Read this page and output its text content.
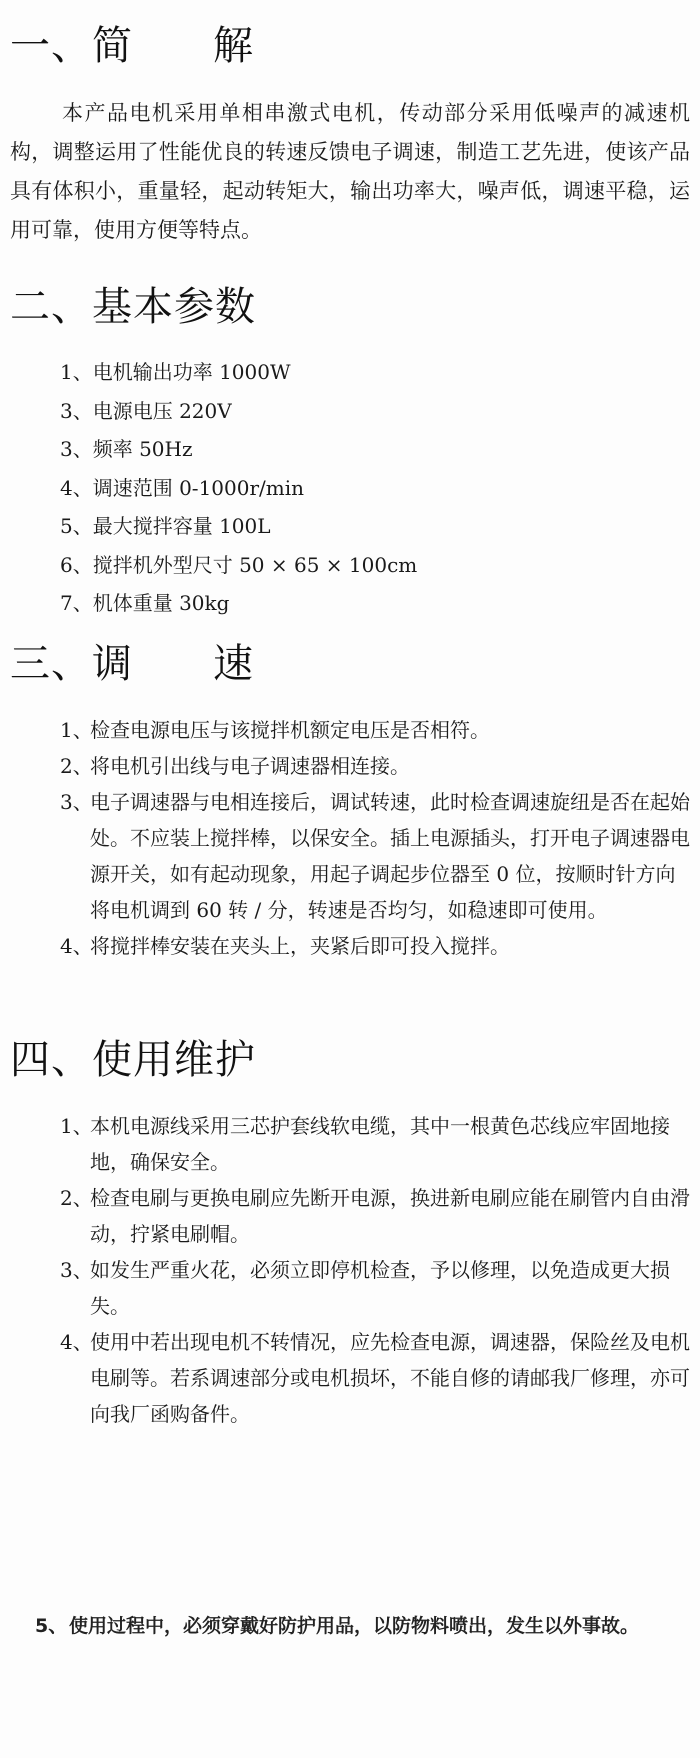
一、简 解

本产品电机采用单相串激式电机，传动部分采用低噪声的减速机构，调整运用了性能优良的转速反馈电子调速，制造工艺先进，使该产品具有体积小，重量轻，起动转矩大，输出功率大，噪声低，调速平稳，运用可靠，使用方便等特点。

二、基本参数
1、电机输出功率 1000W
3、电源电压 220V
3、频率 50Hz
4、调速范围 0-1000r/min
5、最大搅拌容量 100L
6、搅拌机外型尺寸 50 × 65 × 100cm
7、机体重量 30kg
三、调 速
1、
检查电源电压与该搅拌机额定电压是否相符。
2、
将电机引出线与电子调速器相连接。
3、
电子调速器与电相连接后，调试转速，此时检查调速旋纽是否在起始处。不应装上搅拌棒，以保安全。插上电源插头，打开电子调速器电源开关，如有起动现象，用起子调起步位器至 0 位，按顺时针方向将电机调到 60 转 / 分，转速是否均匀，如稳速即可使用。
4、
将搅拌棒安装在夹头上，夹紧后即可投入搅拌。
四、使用维护
1、
本机电源线采用三芯护套线软电缆，其中一根黄色芯线应牢固地接地，确保安全。
2、
检查电刷与更换电刷应先断开电源，换进新电刷应能在刷管内自由滑动，拧紧电刷帽。
3、
如发生严重火花，必须立即停机检查，予以修理，以免造成更大损失。
4、
使用中若出现电机不转情况，应先检查电源，调速器，保险丝及电机电刷等。若系调速部分或电机损坏，不能自修的请邮我厂修理，亦可向我厂函购备件。
5、 使用过程中，必须穿戴好防护用品，以防物料喷出，发生以外事故。
